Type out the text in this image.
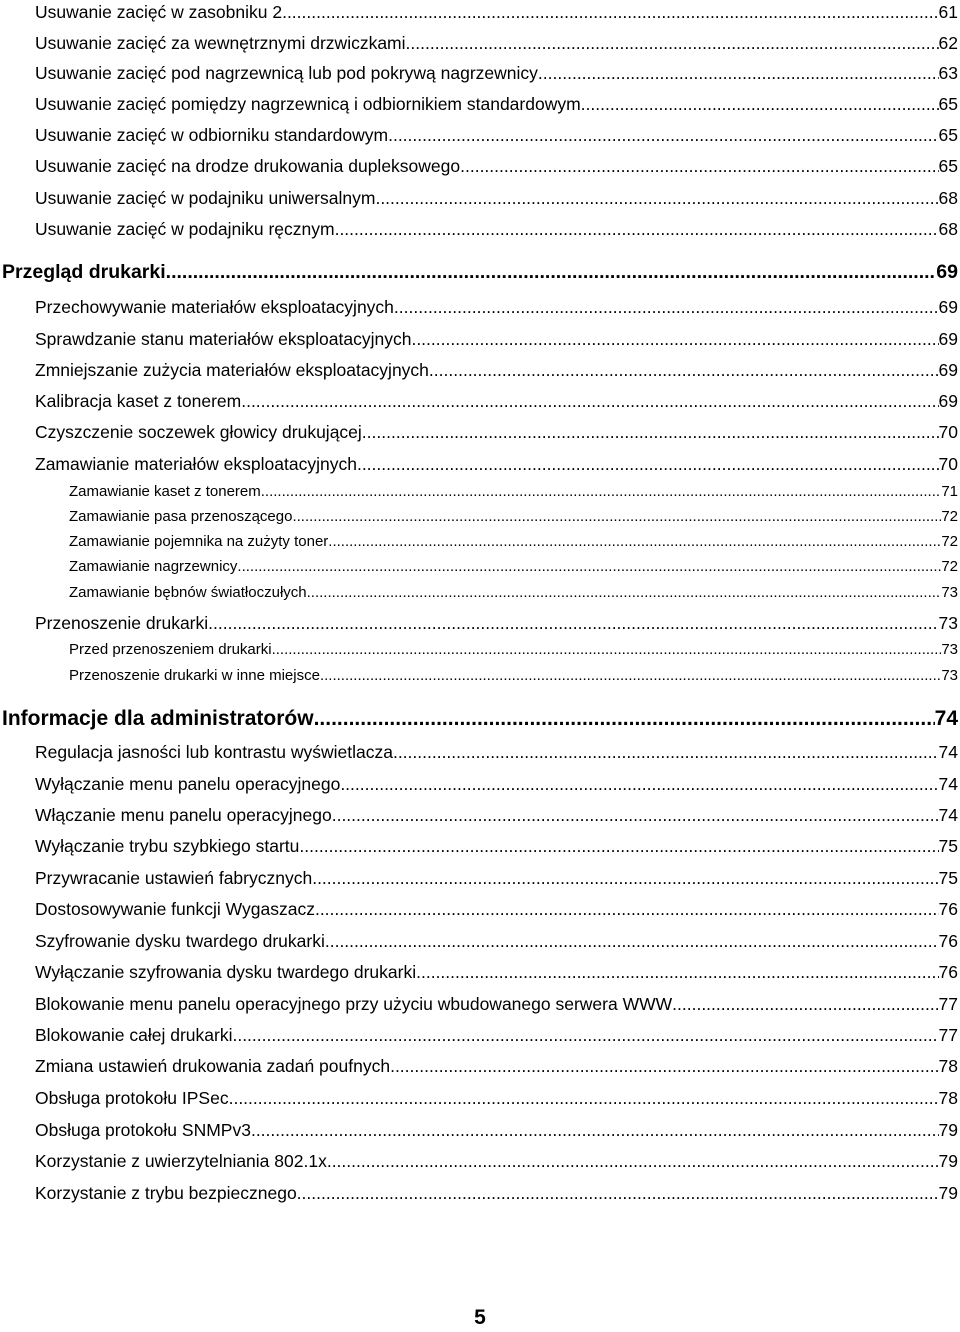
Usuwanie zacięć w zasobniku 2 .....	61
Usuwanie zacięć za wewnętrznymi drzwiczkami .....	62
Usuwanie zacięć pod nagrzewnicą lub pod pokrywą nagrzewnicy .....	63
Usuwanie zacięć pomiędzy nagrzewnicą i odbiornikiem standardowym .....	65
Usuwanie zacięć w odbiorniku standardowym .....	65
Usuwanie zacięć na drodze drukowania dupleksowego .....	65
Usuwanie zacięć w podajniku uniwersalnym .....	68
Usuwanie zacięć w podajniku ręcznym .....	68
Przegląd drukarki .....	69
Przechowywanie materiałów eksploatacyjnych .....	69
Sprawdzanie stanu materiałów eksploatacyjnych .....	69
Zmniejszanie zużycia materiałów eksploatacyjnych .....	69
Kalibracja kaset z tonerem .....	69
Czyszczenie soczewek głowicy drukującej .....	70
Zamawianie materiałów eksploatacyjnych .....	70
Zamawianie kaset z tonerem .....	71
Zamawianie pasa przenoszącego .....	72
Zamawianie pojemnika na zużyty toner .....	72
Zamawianie nagrzewnicy .....	72
Zamawianie bębnów światłoczułych .....	73
Przenoszenie drukarki .....	73
Przed przenoszeniem drukarki .....	73
Przenoszenie drukarki w inne miejsce .....	73
Informacje dla administratorów .....	74
Regulacja jasności lub kontrastu wyświetlacza .....	74
Wyłączanie menu panelu operacyjnego .....	74
Włączanie menu panelu operacyjnego .....	74
Wyłączanie trybu szybkiego startu .....	75
Przywracanie ustawień fabrycznych .....	75
Dostosowywanie funkcji Wygaszacz .....	76
Szyfrowanie dysku twardego drukarki .....	76
Wyłączanie szyfrowania dysku twardego drukarki .....	76
Blokowanie menu panelu operacyjnego przy użyciu wbudowanego serwera WWW .....	77
Blokowanie całej drukarki .....	77
Zmiana ustawień drukowania zadań poufnych .....	78
Obsługa protokołu IPSec .....	78
Obsługa protokołu SNMPv3 .....	79
Korzystanie z uwierzytelniania 802.1x .....	79
Korzystanie z trybu bezpiecznego .....	79
5
